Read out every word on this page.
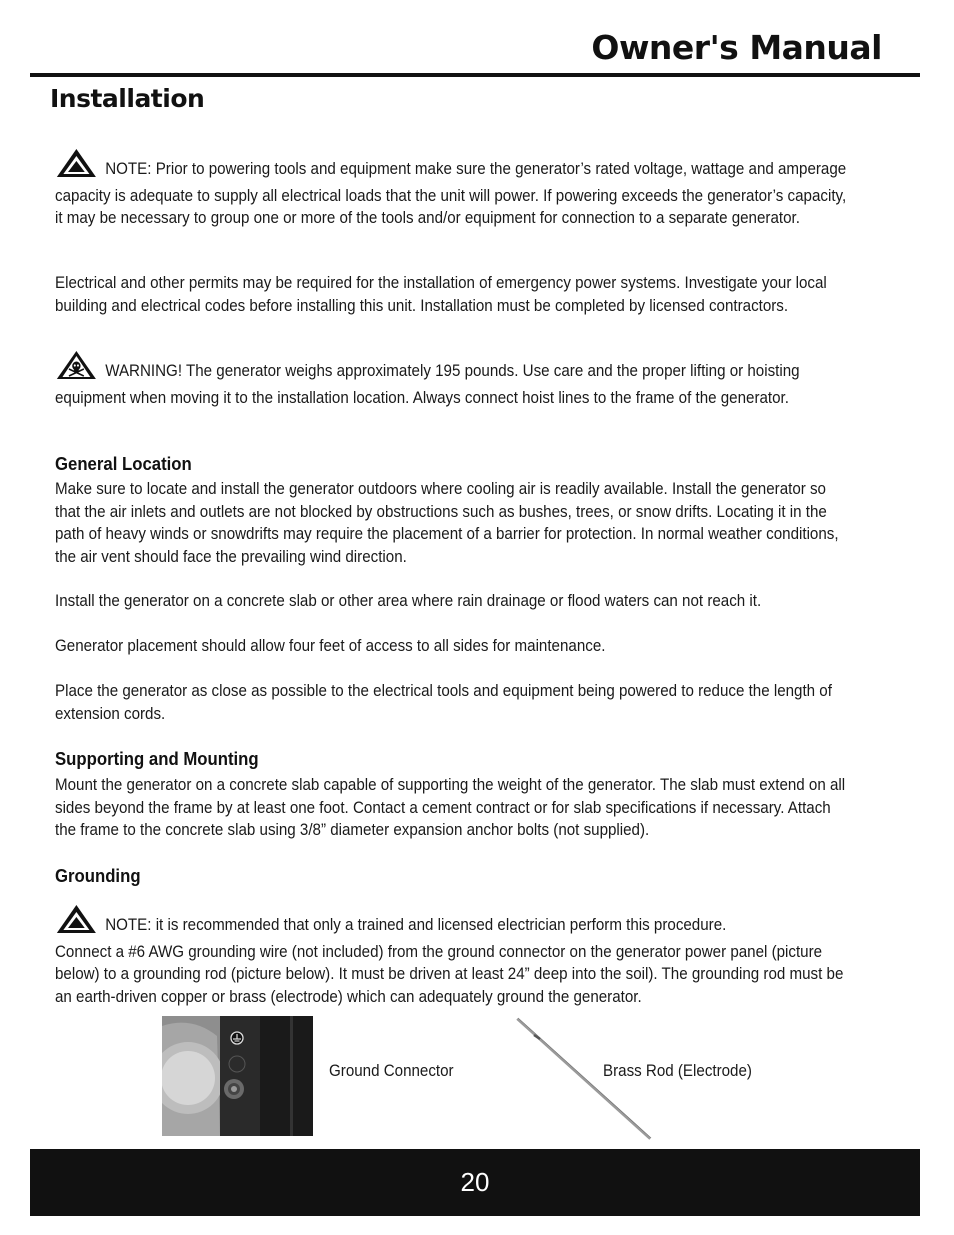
Owner's Manual
Installation

NOTE: Prior to powering tools and equipment make sure the generator’s rated voltage, wattage and amperage capacity is adequate to supply all electrical loads that the unit will power. If powering exceeds the generator’s capacity, it may be necessary to group one or more of the tools and/or equipment for connection to a separate generator.

Electrical and other permits may be required for the installation of emergency power systems. Investigate your local building and electrical codes before installing this unit. Installation must be completed by licensed contractors.

WARNING! The generator weighs approximately 195 pounds. Use care and the proper lifting or hoisting equipment when moving it to the installation location. Always connect hoist lines to the frame of the generator.

General Location
Make sure to locate and install the generator outdoors where cooling air is readily available. Install the generator so that the air inlets and outlets are not blocked by obstructions such as bushes, trees, or snow drifts. Locating it in the path of heavy winds or snowdrifts may require the placement of a barrier for protection. In normal weather conditions, the air vent should face the prevailing wind direction.
Install the generator on a concrete slab or other area where rain drainage or flood waters can not reach it.
Generator placement should allow four feet of access to all sides for maintenance.
Place the generator as close as possible to the electrical tools and equipment being powered to reduce the length of extension cords.
Supporting and Mounting
Mount the generator on a concrete slab capable of supporting the weight of the generator. The slab must extend on all sides beyond the frame by at least one foot. Contact a cement contract or for slab specifications if necessary. Attach the frame to the concrete slab using 3/8” diameter expansion anchor bolts (not supplied).
Grounding

NOTE: it is recommended that only a trained and licensed electrician perform this procedure.

Connect a #6 AWG grounding wire (not included) from the ground connector on the generator power panel (picture below) to a grounding rod (picture below). It must be driven at least 24” deep into the soil). The grounding rod must be an earth-driven copper or brass (electrode) which can adequately ground the generator.

Ground Connector	Brass Rod (Electrode)
20
